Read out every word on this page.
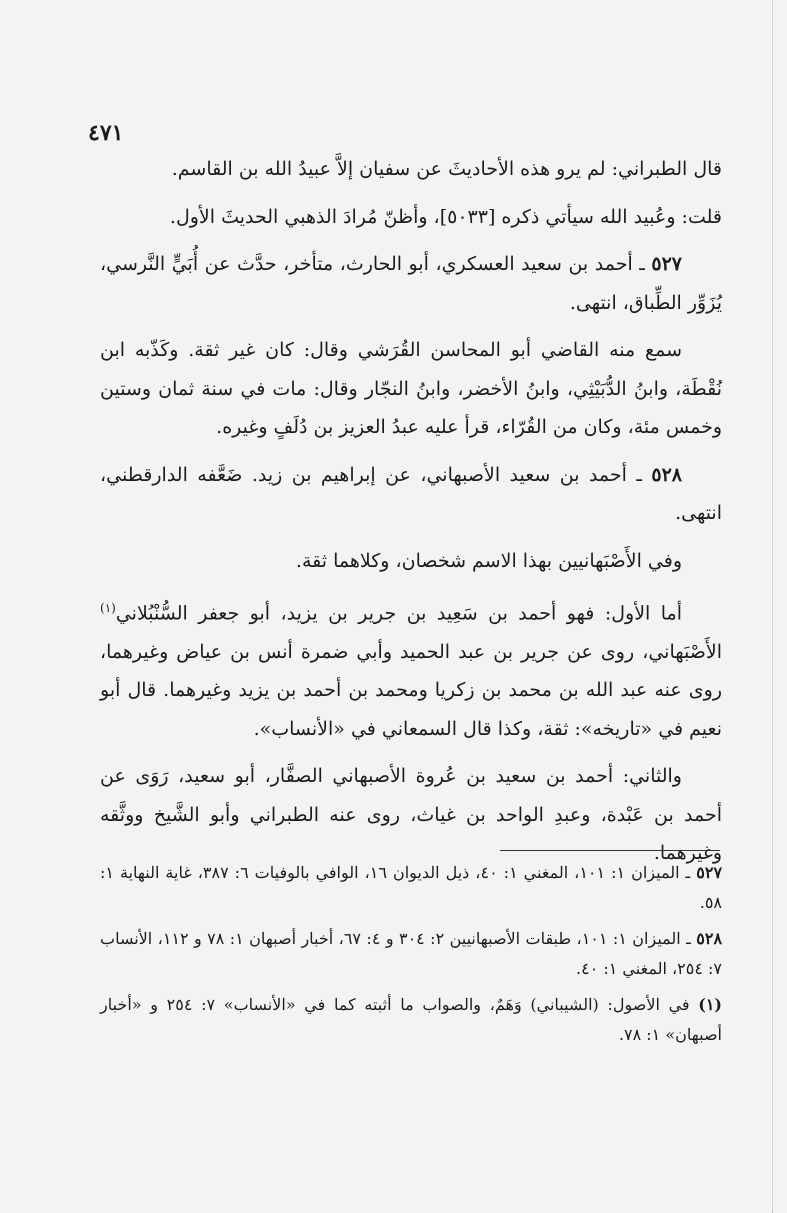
٤٧١

قال الطبراني: لم يرو هذه الأحاديثَ عن سفيان إلاَّ عبيدُ الله بن القاسم.

قلت: وعُبيد الله سيأتي ذكره [٥٠٣٣]، وأظنّ مُرادَ الذهبي الحديثَ الأول.

٥٢٧ ـ أحمد بن سعيد العسكري، أبو الحارث، متأخر، حدَّث عن أُبَيٍّ النَّرسي، يُزَوِّر الطِّباق، انتهى.

سمع منه القاضي أبو المحاسن القُرَشي وقال: كان غير ثقة. وكَذّبه ابن نُقْطَة، وابنُ الدُّبَيْثِي، وابنُ الأخضر، وابنُ النجّار وقال: مات في سنة ثمان وستين وخمس مئة، وكان من القُرّاء، قرأ عليه عبدُ العزيز بن دُلَفٍ وغيره.

٥٢٨ ـ أحمد بن سعيد الأصبهاني، عن إبراهيم بن زيد. ضَعَّفه الدارقطني، انتهى.

وفي الأَصْبَهانيين بهذا الاسم شخصان، وكلاهما ثقة.

أما الأول: فهو أحمد بن سَعِيد بن جرير بن يزيد، أبو جعفر السُّنْبُلاني$^{(١)}$ الأَصْبَهاني، روى عن جرير بن عبد الحميد وأبي ضمرة أنس بن عياض وغيرهما، روى عنه عبد الله بن محمد بن زكريا ومحمد بن أحمد بن يزيد وغيرهما. قال أبو نعيم في «تاريخه»: ثقة، وكذا قال السمعاني في «الأنساب».

والثاني: أحمد بن سعيد بن عُروة الأصبهاني الصفَّار، أبو سعيد، رَوَى عن أحمد بن عَبْدة، وعبدِ الواحد بن غياث، روى عنه الطبراني وأبو الشَّيخ ووثَّقه وغيرهما.

٥٢٧ ـ الميزان ١: ١٠١، المغني ١: ٤٠، ذيل الديوان ١٦، الوافي بالوفيات ٦: ٣٨٧، غاية النهاية ١: ٥٨.

٥٢٨ ـ الميزان ١: ١٠١، طبقات الأصبهانيين ٢: ٣٠٤ و ٤: ٦٧، أخبار أصبهان ١: ٧٨ و ١١٢، الأنساب ٧: ٢٥٤، المغني ١: ٤٠.

(١) في الأصول: (الشيباني) وَهَمٌ، والصواب ما أثبته كما في «الأنساب» ٧: ٢٥٤ و «أخبار أصبهان» ١: ٧٨.
